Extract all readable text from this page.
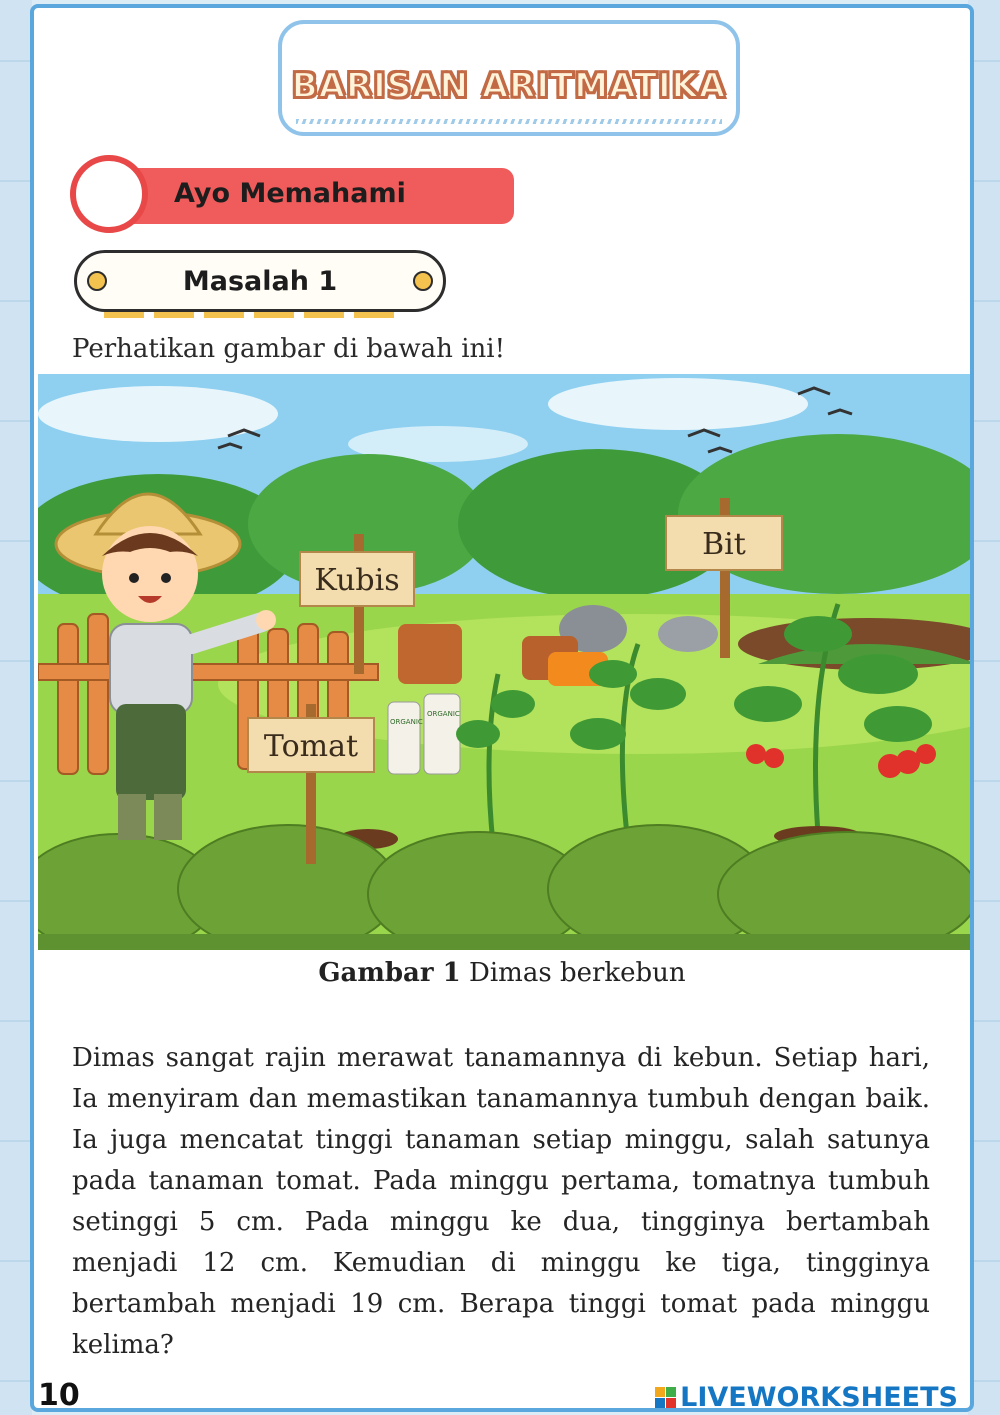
BARISAN ARITMATIKA
Ayo Memahami
Masalah 1
Perhatikan gambar di bawah ini!
ORGANIC
ORGANIC
Kubis
Bit
Tomat
Gambar 1 Dimas berkebun

Dimas sangat rajin merawat tanamannya di kebun. Setiap hari, Ia menyiram dan memastikan tanamannya tumbuh dengan baik. Ia juga mencatat tinggi tanaman setiap minggu, salah satunya pada tanaman tomat. Pada minggu pertama, tomatnya tumbuh setinggi 5 cm. Pada minggu ke dua, tingginya bertambah menjadi 12 cm. Kemudian di minggu ke tiga, tingginya bertambah menjadi 19 cm. Berapa tinggi tomat pada minggu kelima?

10	LIVEWORKSHEETS
